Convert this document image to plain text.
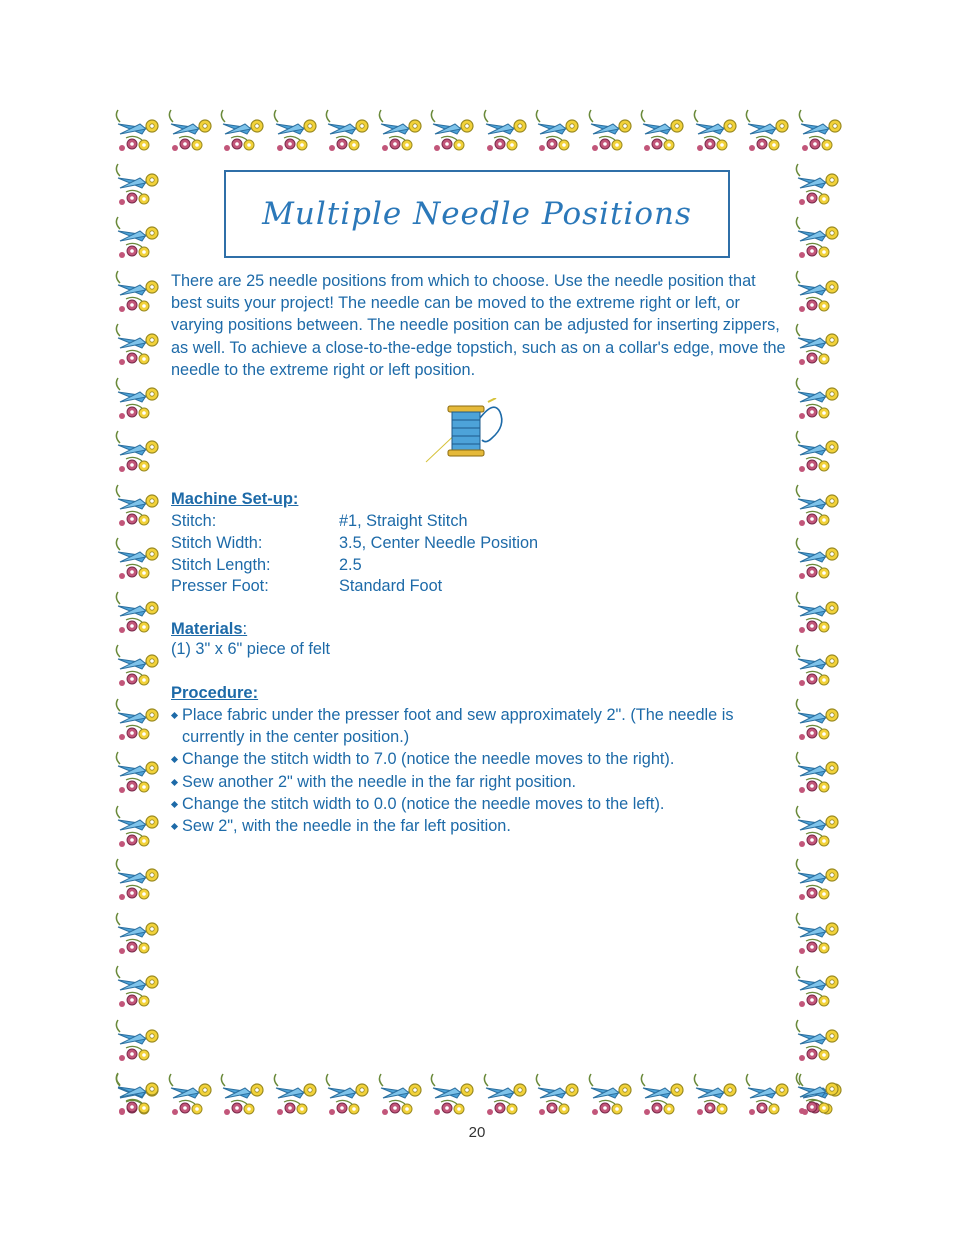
Multiple Needle Positions

There are 25 needle positions from which to choose. Use the needle position that best suits your project! The needle can be moved to the extreme right or left, or varying positions between. The needle position can be adjusted for inserting zippers, as well. To achieve a close-to-the-edge topstich, such as on a collar's edge, move the needle to the extreme right or left position.

Machine Set-up:

Stitch:	#1, Straight Stitch
Stitch Width:	3.5, Center Needle Position
Stitch Length:	2.5
Presser Foot:	Standard Foot

Materials:

(1) 3" x 6" piece of felt

Procedure:

Place fabric under the presser foot and sew approximately 2". (The needle is currently in the center position.)
Change the stitch width to 7.0 (notice the needle moves to the right).
Sew another 2" with the needle in the far right position.
Change the stitch width to 0.0 (notice the needle moves to the left).
Sew 2", with the needle in the far left position.
20
